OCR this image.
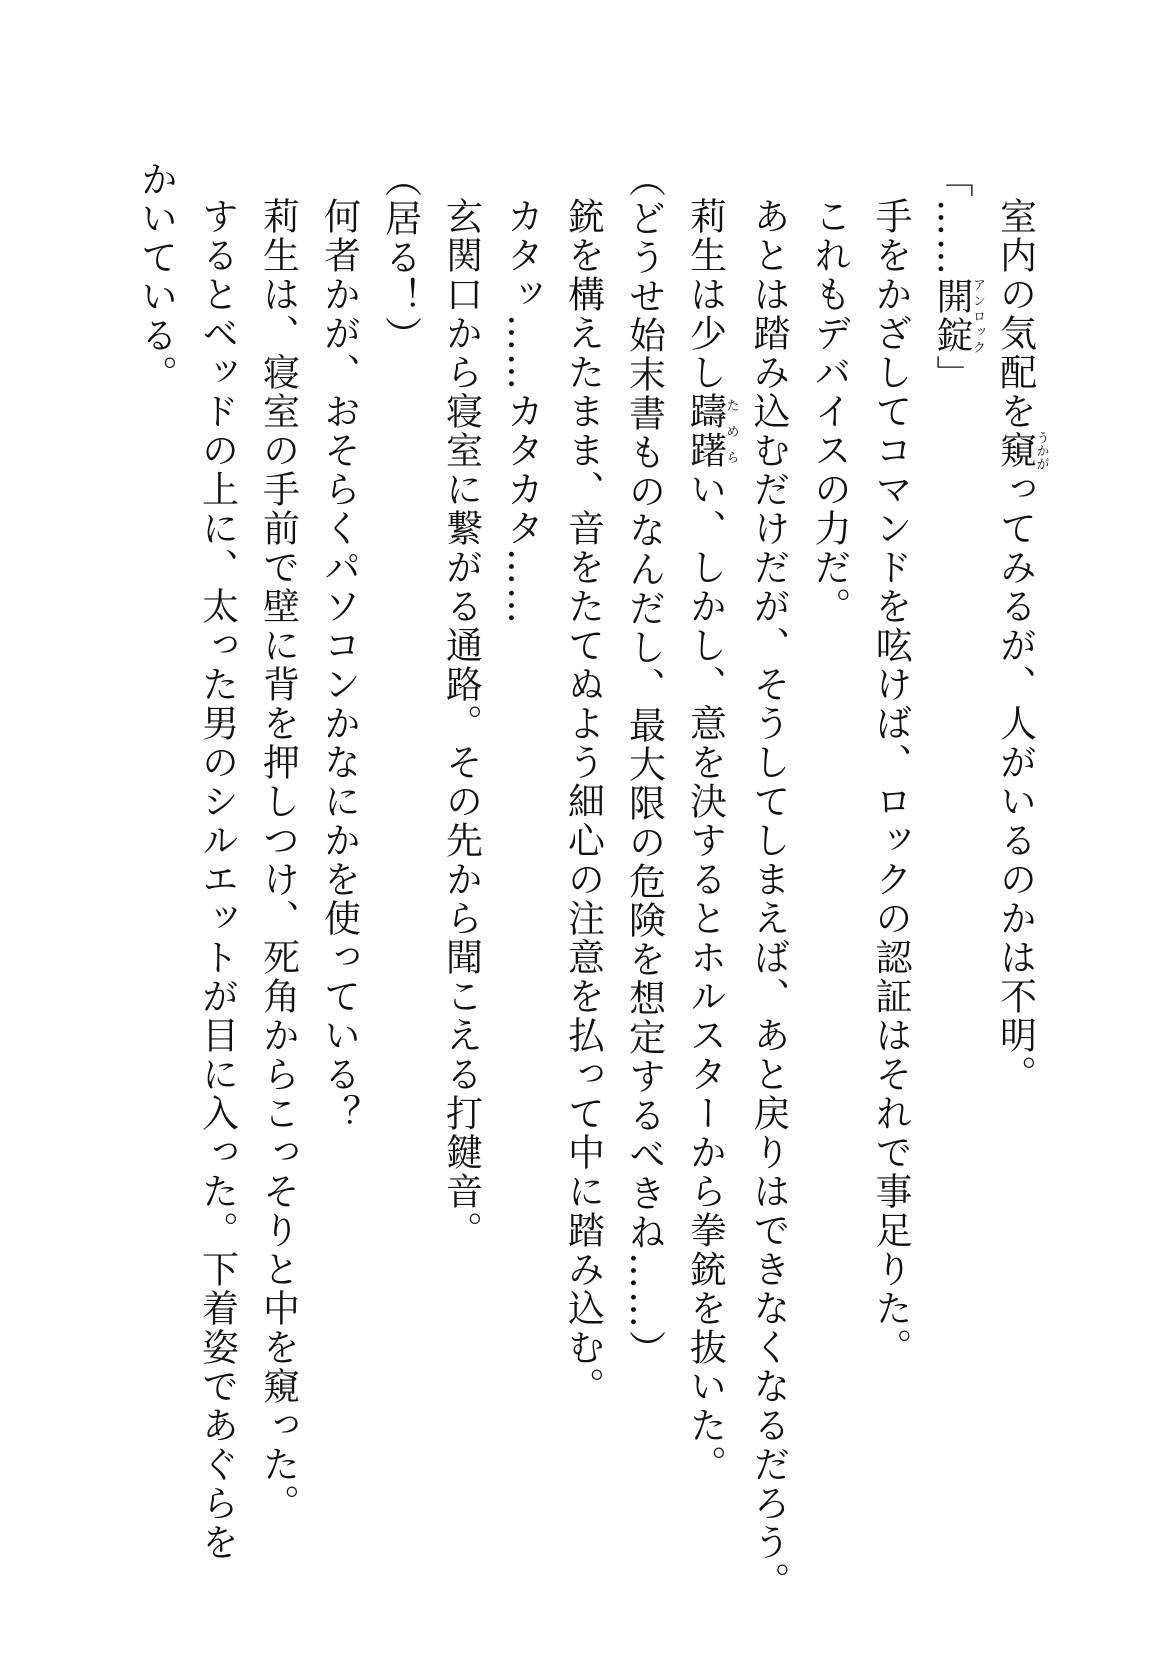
室内の気配を窺うかがってみるが、人がいるのかは不明。
「……開錠アンロック」
手をかざしてコマンドを呟けば、ロックの認証はそれで事足りた。
これもデバイスの力だ。
あとは踏み込むだけだが、そうしてしまえば、あと戻りはできなくなるだろう。
莉生は少し躊躇ためらい、しかし、意を決するとホルスターから拳銃を抜いた。
（どうせ始末書ものなんだし、最大限の危険を想定するべきね……）
銃を構えたまま、音をたてぬよう細心の注意を払って中に踏み込む。
カタッ……カタカタ……
玄関口から寝室に繋がる通路。その先から聞こえる打鍵音。
（居る！）
何者かが、おそらくパソコンかなにかを使っている？
莉生は、寝室の手前で壁に背を押しつけ、死角からこっそりと中を窺った。
するとベッドの上に、太った男のシルエットが目に入った。下着姿であぐらを
かいている。
